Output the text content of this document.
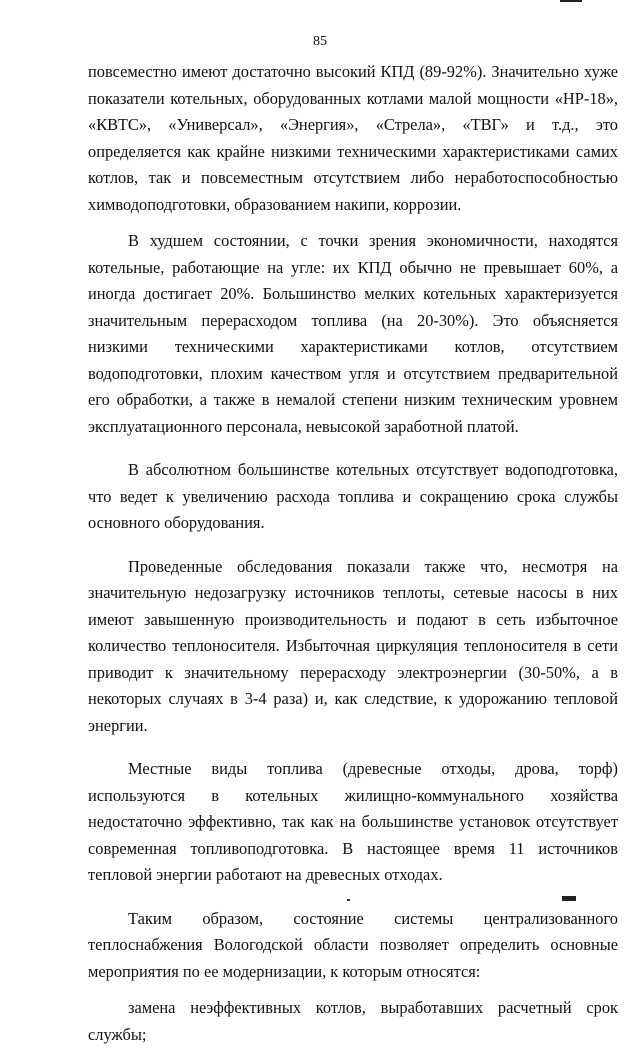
85

повсеместно имеют достаточно высокий КПД (89-92%). Значительно хуже показатели котельных, оборудованных котлами малой мощности «НР-18», «КВТС», «Универсал», «Энергия», «Стрела», «ТВГ» и т.д., это определяется как крайне низкими техническими характеристиками самих котлов, так и повсеместным отсутствием либо неработоспособностью химводоподготовки, образованием накипи, коррозии.

В худшем состоянии, с точки зрения экономичности, находятся котельные, работающие на угле: их КПД обычно не превышает 60%, а иногда достигает 20%. Большинство мелких котельных характеризуется значительным перерасходом топлива (на 20-30%). Это объясняется низкими техническими характеристиками котлов, отсутствием водоподготовки, плохим качеством угля и отсутствием предварительной его обработки, а также в немалой степени низким техническим уровнем эксплуатационного персонала, невысокой заработной платой.

В абсолютном большинстве котельных отсутствует водоподготовка, что ведет к увеличению расхода топлива и сокращению срока службы основного оборудования.

Проведенные обследования показали также что, несмотря на значительную недозагрузку источников теплоты, сетевые насосы в них имеют завышенную производительность и подают в сеть избыточное количество теплоносителя. Избыточная циркуляция теплоносителя в сети приводит к значительному перерасходу электроэнергии (30-50%, а в некоторых случаях в 3-4 раза) и, как следствие, к удорожанию тепловой энергии.

Местные виды топлива (древесные отходы, дрова, торф) используются в котельных жилищно-коммунального хозяйства недостаточно эффективно, так как на большинстве установок отсутствует современная топливоподготовка. В настоящее время 11 источников тепловой энергии работают на древесных отходах.

Таким образом, состояние системы централизованного теплоснабжения Вологодской области позволяет определить основные мероприятия по ее модернизации, к которым относятся:

замена неэффективных котлов, выработавших расчетный срок службы;
